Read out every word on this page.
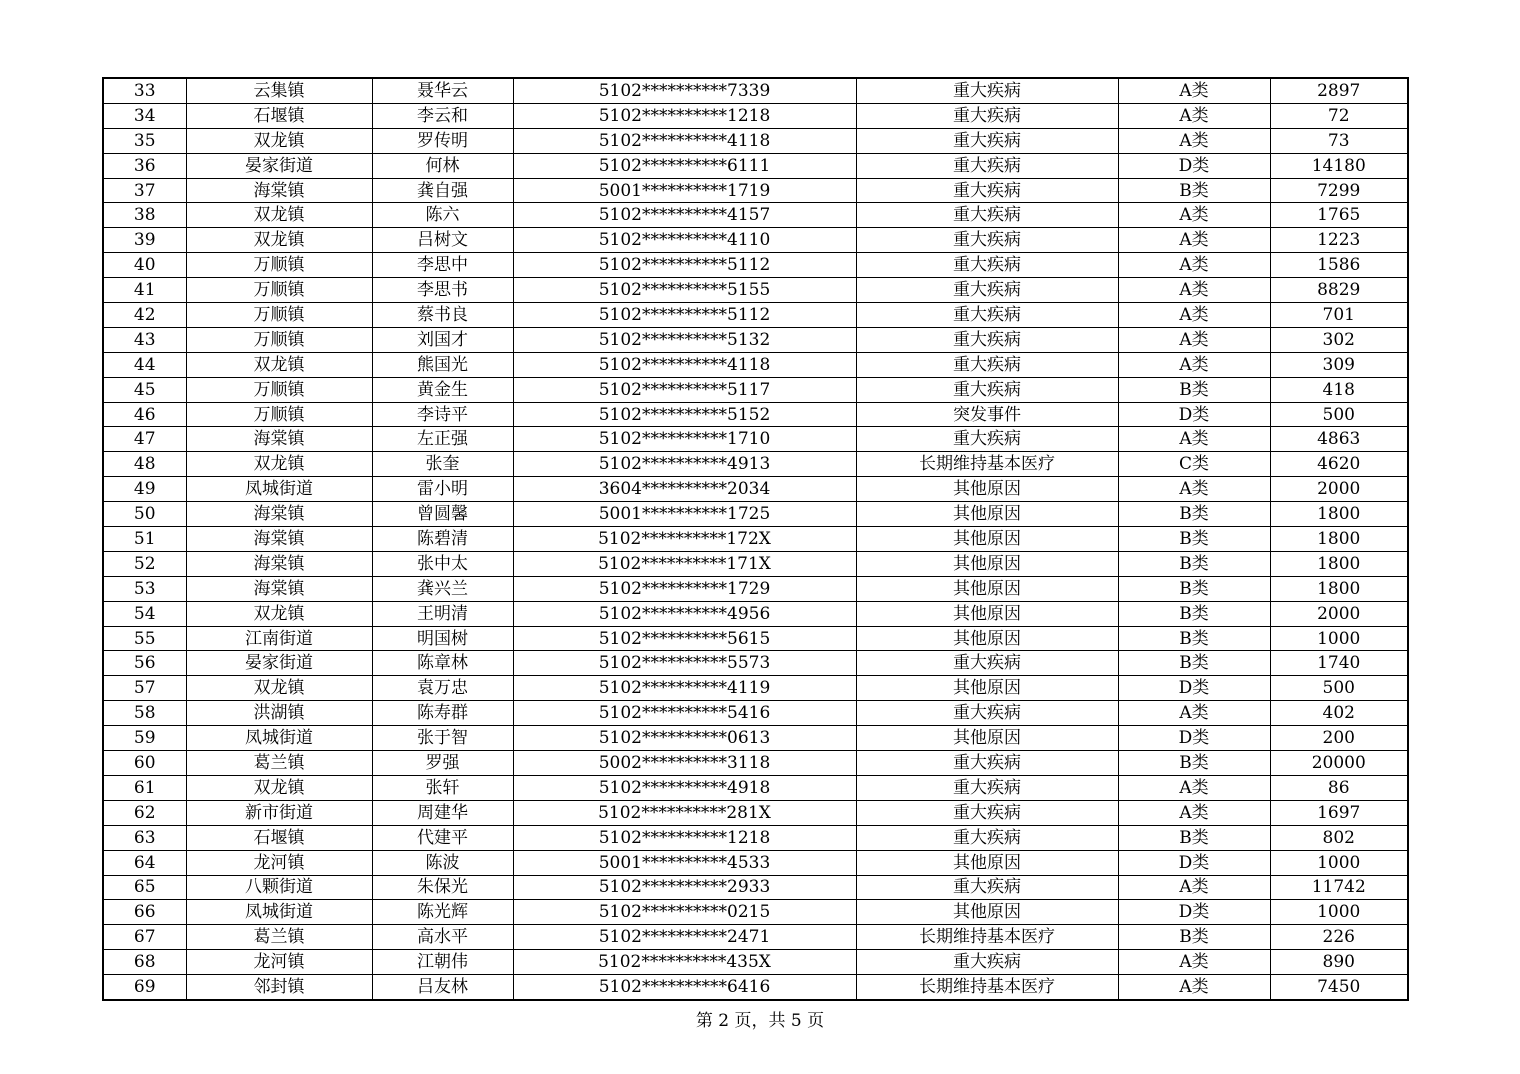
33	云集镇	聂华云	5102**********7339	重大疾病	A类	2897
34	石堰镇	李云和	5102**********1218	重大疾病	A类	72
35	双龙镇	罗传明	5102**********4118	重大疾病	A类	73
36	晏家街道	何林	5102**********6111	重大疾病	D类	14180
37	海棠镇	龚自强	5001**********1719	重大疾病	B类	7299
38	双龙镇	陈六	5102**********4157	重大疾病	A类	1765
39	双龙镇	吕树文	5102**********4110	重大疾病	A类	1223
40	万顺镇	李思中	5102**********5112	重大疾病	A类	1586
41	万顺镇	李思书	5102**********5155	重大疾病	A类	8829
42	万顺镇	蔡书良	5102**********5112	重大疾病	A类	701
43	万顺镇	刘国才	5102**********5132	重大疾病	A类	302
44	双龙镇	熊国光	5102**********4118	重大疾病	A类	309
45	万顺镇	黄金生	5102**********5117	重大疾病	B类	418
46	万顺镇	李诗平	5102**********5152	突发事件	D类	500
47	海棠镇	左正强	5102**********1710	重大疾病	A类	4863
48	双龙镇	张奎	5102**********4913	长期维持基本医疗	C类	4620
49	凤城街道	雷小明	3604**********2034	其他原因	A类	2000
50	海棠镇	曾圆馨	5001**********1725	其他原因	B类	1800
51	海棠镇	陈碧清	5102**********172X	其他原因	B类	1800
52	海棠镇	张中太	5102**********171X	其他原因	B类	1800
53	海棠镇	龚兴兰	5102**********1729	其他原因	B类	1800
54	双龙镇	王明清	5102**********4956	其他原因	B类	2000
55	江南街道	明国树	5102**********5615	其他原因	B类	1000
56	晏家街道	陈章林	5102**********5573	重大疾病	B类	1740
57	双龙镇	袁万忠	5102**********4119	其他原因	D类	500
58	洪湖镇	陈寿群	5102**********5416	重大疾病	A类	402
59	凤城街道	张于智	5102**********0613	其他原因	D类	200
60	葛兰镇	罗强	5002**********3118	重大疾病	B类	20000
61	双龙镇	张轩	5102**********4918	重大疾病	A类	86
62	新市街道	周建华	5102**********281X	重大疾病	A类	1697
63	石堰镇	代建平	5102**********1218	重大疾病	B类	802
64	龙河镇	陈波	5001**********4533	其他原因	D类	1000
65	八颗街道	朱保光	5102**********2933	重大疾病	A类	11742
66	凤城街道	陈光辉	5102**********0215	其他原因	D类	1000
67	葛兰镇	高水平	5102**********2471	长期维持基本医疗	B类	226
68	龙河镇	江朝伟	5102**********435X	重大疾病	A类	890
69	邻封镇	吕友林	5102**********6416	长期维持基本医疗	A类	7450
第 2 页，共 5 页
